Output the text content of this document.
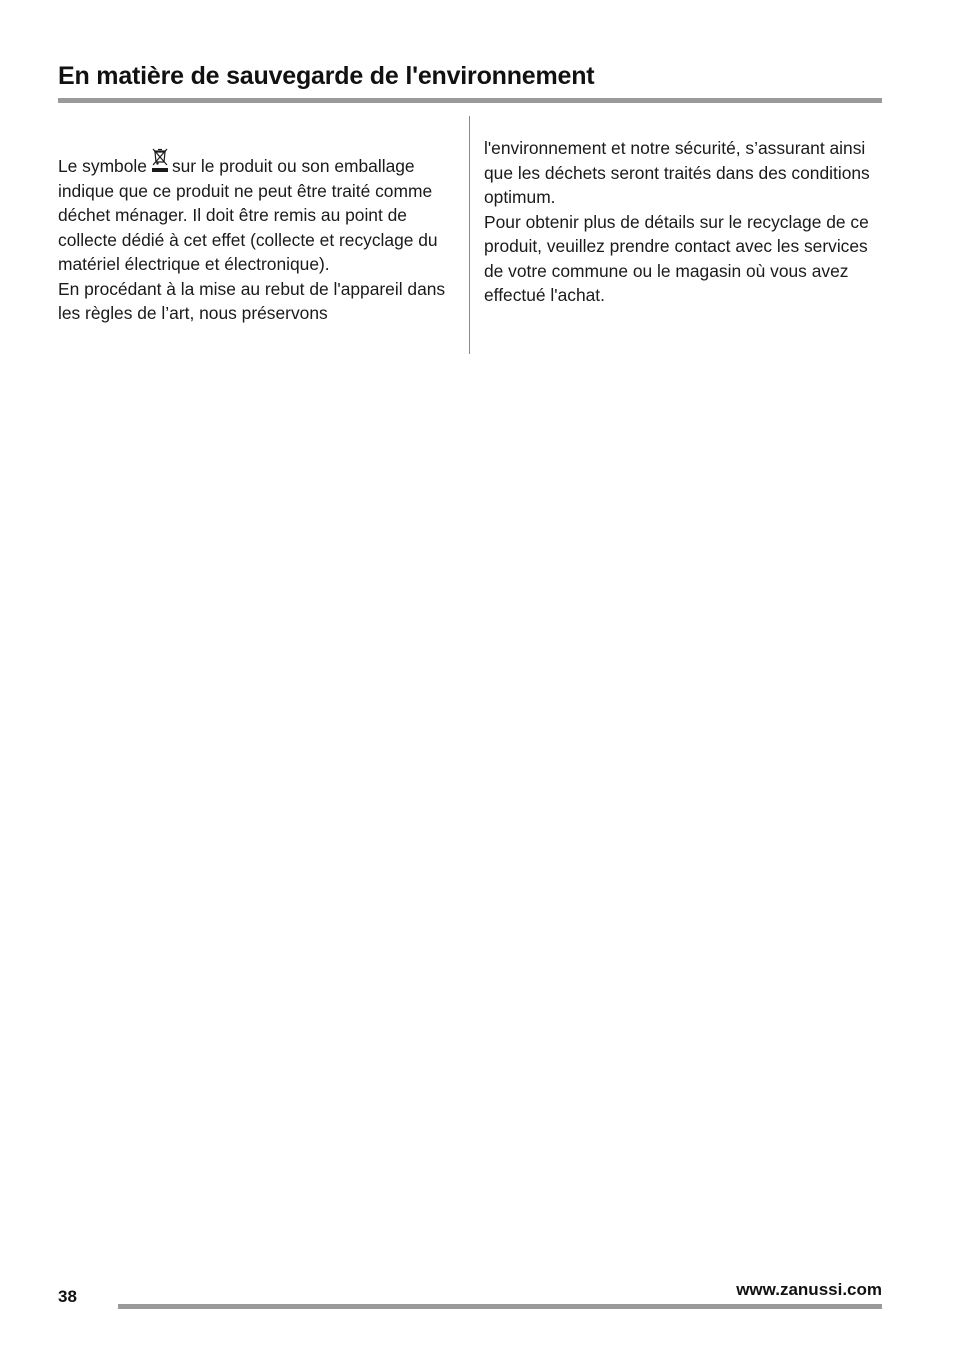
En matière de sauvegarde de l'environnement

Le symbole sur le produit ou son emballage indique que ce produit ne peut être traité comme déchet ménager. Il doit être remis au point de collecte dédié à cet effet (collecte et recyclage du matériel électrique et électronique).

En procédant à la mise au rebut de l'appareil dans les règles de l’art, nous préservons

l'environnement et notre sécurité, s’assurant ainsi que les déchets seront traités dans des conditions optimum.

Pour obtenir plus de détails sur le recyclage de ce produit, veuillez prendre contact avec les services de votre commune ou le magasin où vous avez effectué l'achat.

38	www.zanussi.com
